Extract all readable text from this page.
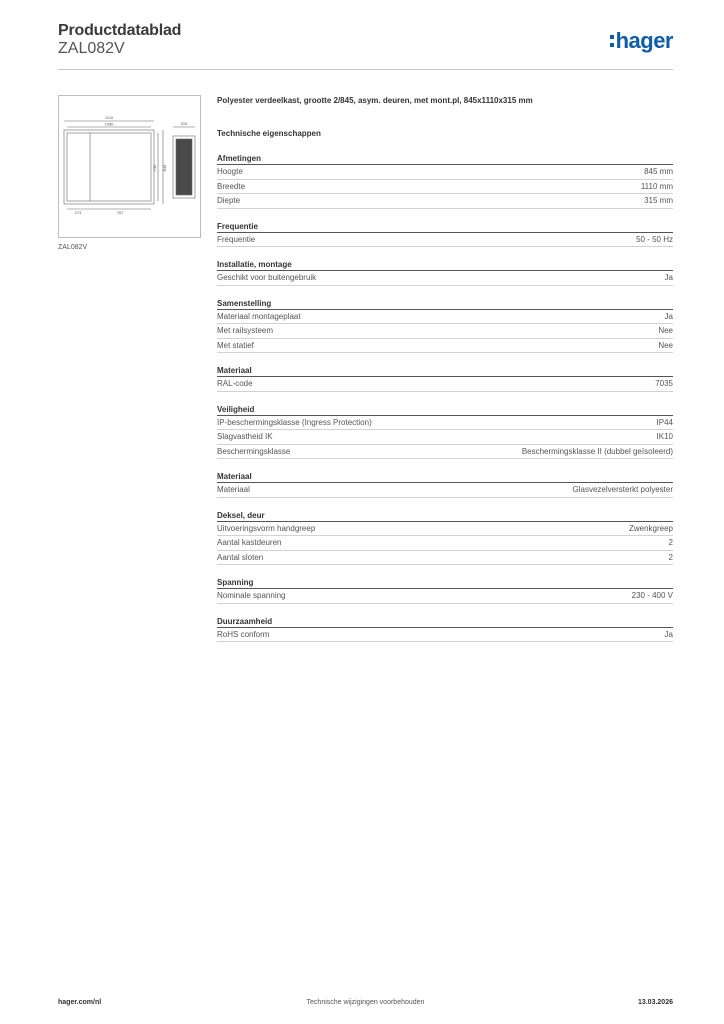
Productdatablad
ZAL082V	hager
1110
1080	315
740 845
274	767
ZAL082V
Polyester verdeelkast, grootte 2/845, asym. deuren, met mont.pl, 845x1110x315 mm
Technische eigenschappen
Afmetingen
Hoogte	845 mm
Breedte	1110 mm
Diepte	315 mm
Frequentie
Frequentie	50 - 50 Hz
Installatie, montage
Geschikt voor buitengebruik	Ja
Samenstelling
Materiaal montageplaat	Ja
Met railsysteem	Nee
Met statief	Nee
Materiaal
RAL-code	7035
Veiligheid
IP-beschermingsklasse (Ingress Protection)	IP44
Slagvastheid IK	IK10
Beschermingsklasse	Beschermingsklasse II (dubbel geïsoleerd)
Materiaal
Materiaal	Glasvezelversterkt polyester
Deksel, deur
Uitvoeringsvorm handgreep	Zwenkgreep
Aantal kastdeuren	2
Aantal sloten	2
Spanning
Nominale spanning	230 - 400 V
Duurzaamheid
RoHS conform	Ja
hager.com/nl	Technische wijzigingen voorbehouden	13.03.2026
